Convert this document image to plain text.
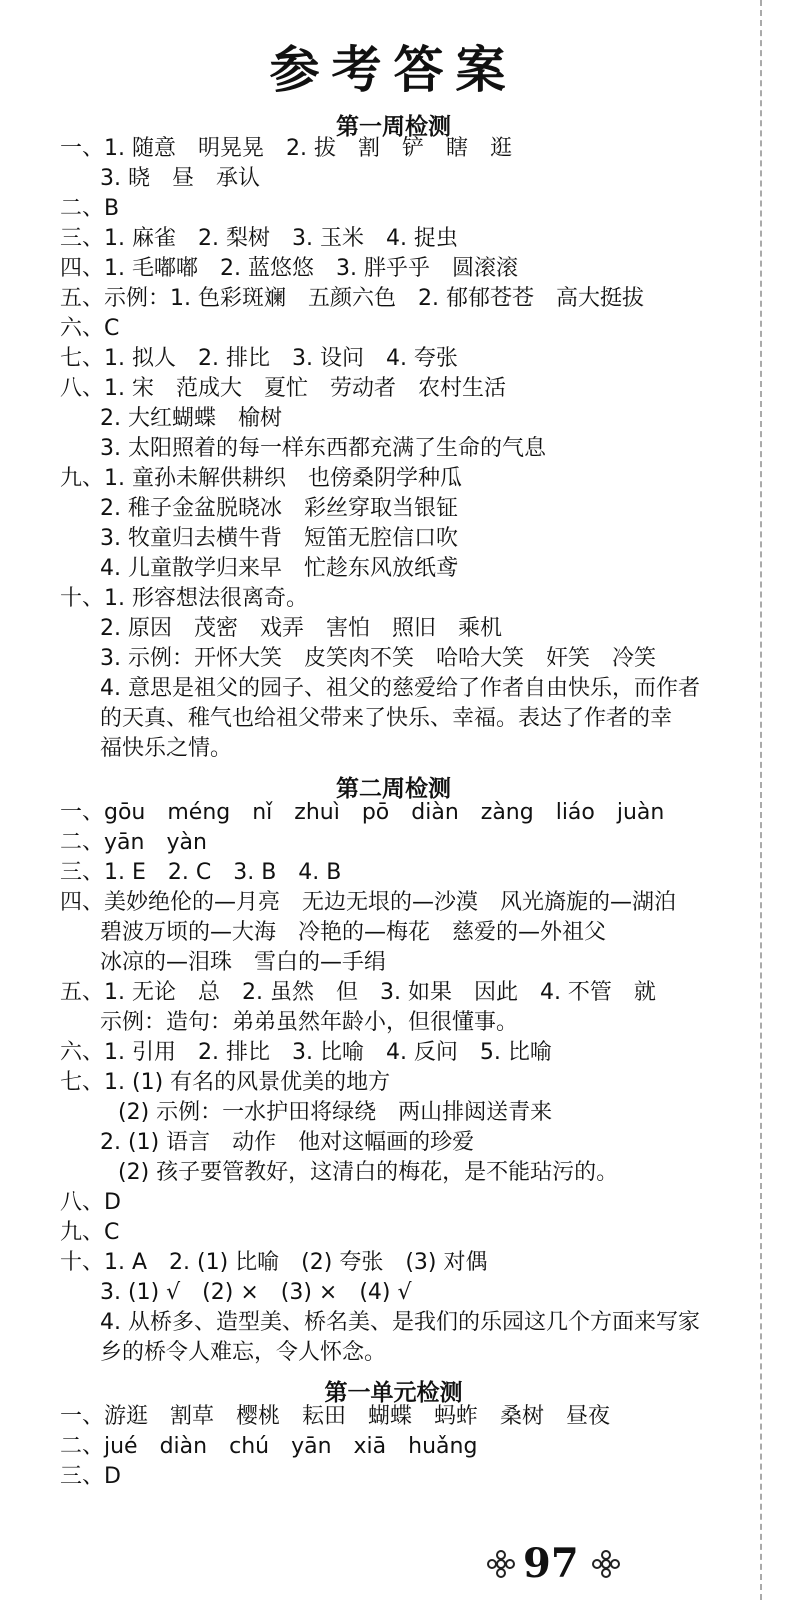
参考答案
第一周检测
一、1. 随意　明晃晃　2. 拔　割　铲　瞎　逛
3. 晓　昼　承认
二、B
三、1. 麻雀　2. 梨树　3. 玉米　4. 捉虫
四、1. 毛嘟嘟　2. 蓝悠悠　3. 胖乎乎　圆滚滚
五、示例：1. 色彩斑斓　五颜六色　2. 郁郁苍苍　高大挺拔
六、C
七、1. 拟人　2. 排比　3. 设问　4. 夸张
八、1. 宋　范成大　夏忙　劳动者　农村生活
2. 大红蝴蝶　榆树
3. 太阳照着的每一样东西都充满了生命的气息
九、1. 童孙未解供耕织　也傍桑阴学种瓜
2. 稚子金盆脱晓冰　彩丝穿取当银钲
3. 牧童归去横牛背　短笛无腔信口吹
4. 儿童散学归来早　忙趁东风放纸鸢
十、1. 形容想法很离奇。
2. 原因　茂密　戏弄　害怕　照旧　乘机
3. 示例：开怀大笑　皮笑肉不笑　哈哈大笑　奸笑　冷笑
4. 意思是祖父的园子、祖父的慈爱给了作者自由快乐，而作者
的天真、稚气也给祖父带来了快乐、幸福。表达了作者的幸
福快乐之情。
第二周检测
一、gōu　méng　nǐ　zhuì　pō　diàn　zàng　liáo　juàn
二、yān　yàn
三、1. E　2. C　3. B　4. B
四、美妙绝伦的—月亮　无边无垠的—沙漠　风光旖旎的—湖泊
碧波万顷的—大海　冷艳的—梅花　慈爱的—外祖父
冰凉的—泪珠　雪白的—手绢
五、1. 无论　总　2. 虽然　但　3. 如果　因此　4. 不管　就
示例：造句：弟弟虽然年龄小，但很懂事。
六、1. 引用　2. 排比　3. 比喻　4. 反问　5. 比喻
七、1. (1) 有名的风景优美的地方
(2) 示例：一水护田将绿绕　两山排闼送青来
2. (1) 语言　动作　他对这幅画的珍爱
(2) 孩子要管教好，这清白的梅花，是不能玷污的。
八、D
九、C
十、1. A　2. (1) 比喻　(2) 夸张　(3) 对偶
3. (1) √　(2) ×　(3) ×　(4) √
4. 从桥多、造型美、桥名美、是我们的乐园这几个方面来写家
乡的桥令人难忘，令人怀念。
第一单元检测
一、游逛　割草　樱桃　耘田　蝴蝶　蚂蚱　桑树　昼夜
二、jué　diàn　chú　yān　xiā　huǎng
三、D
97
